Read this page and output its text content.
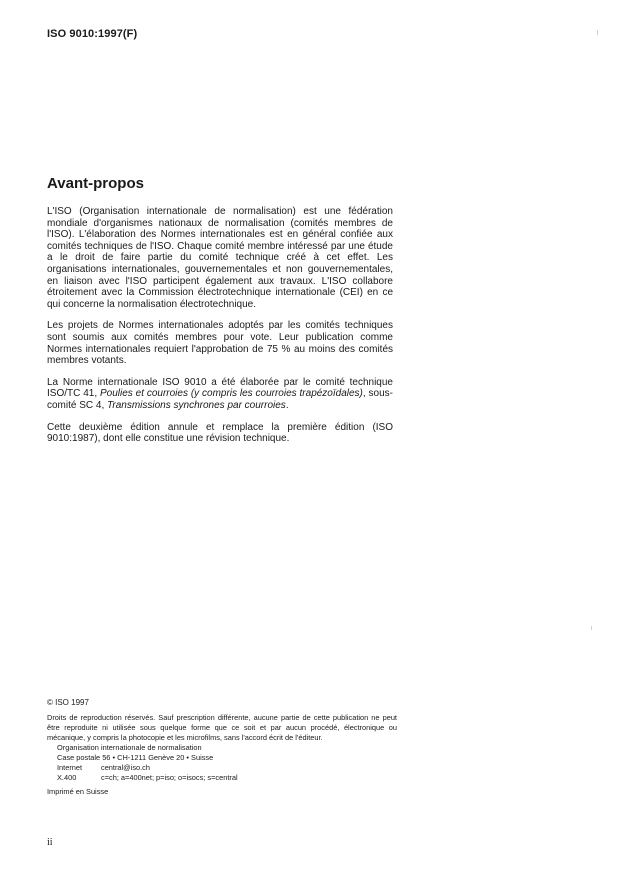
ISO 9010:1997(F)
Avant-propos

L'ISO (Organisation internationale de normalisation) est une fédération mondiale d'organismes nationaux de normalisation (comités membres de l'ISO). L'élaboration des Normes internationales est en général confiée aux comités techniques de l'ISO. Chaque comité membre intéressé par une étude a le droit de faire partie du comité technique créé à cet effet. Les organisations internationales, gouvernementales et non gouvernementales, en liaison avec l'ISO participent également aux travaux. L'ISO collabore étroitement avec la Commission électrotechnique internationale (CEI) en ce qui concerne la normalisation électrotechnique.

Les projets de Normes internationales adoptés par les comités techniques sont soumis aux comités membres pour vote. Leur publication comme Normes internationales requiert l'approbation de 75 % au moins des comités membres votants.

La Norme internationale ISO 9010 a été élaborée par le comité technique ISO/TC 41, Poulies et courroies (y compris les courroies trapézoïdales), sous-comité SC 4, Transmissions synchrones par courroies.

Cette deuxième édition annule et remplace la première édition (ISO 9010:1987), dont elle constitue une révision technique.

© ISO 1997
Droits de reproduction réservés. Sauf prescription différente, aucune partie de cette publication ne peut être reproduite ni utilisée sous quelque forme que ce soit et par aucun procédé, électronique ou mécanique, y compris la photocopie et les microfilms, sans l'accord écrit de l'éditeur.
Organisation internationale de normalisation
Case postale 56 • CH-1211 Genève 20 • Suisse
Internet	central@iso.ch
X.400	c=ch; a=400net; p=iso; o=isocs; s=central
Imprimé en Suisse
ii
